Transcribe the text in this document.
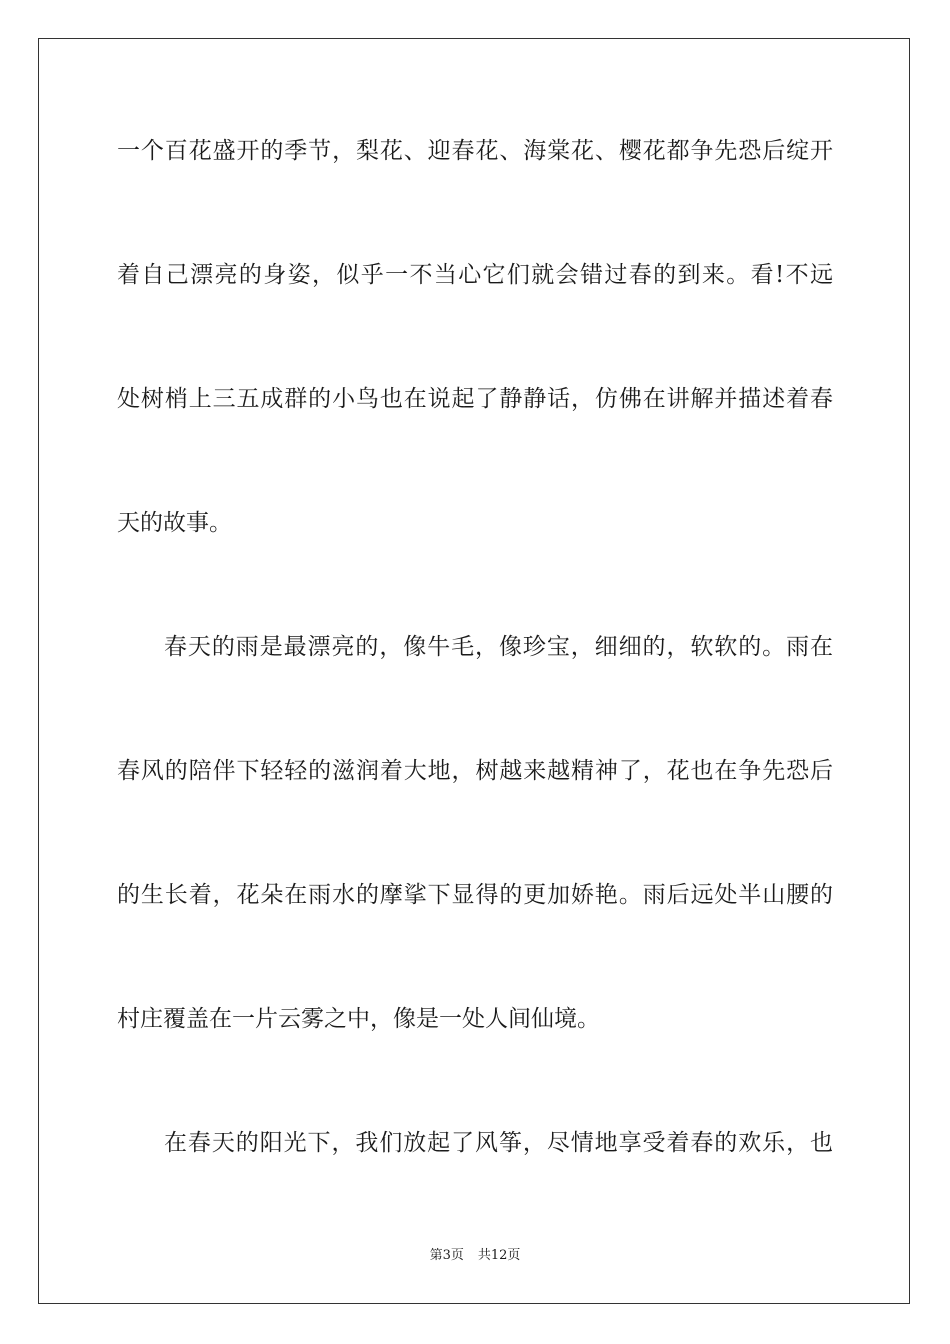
一个百花盛开的季节，梨花、迎春花、海棠花、樱花都争先恐后绽开
着自己漂亮的身姿，似乎一不当心它们就会错过春的到来。看!不远
处树梢上三五成群的小鸟也在说起了静静话，仿佛在讲解并描述着春
天的故事。
春天的雨是最漂亮的，像牛毛，像珍宝，细细的，软软的。雨在
春风的陪伴下轻轻的滋润着大地，树越来越精神了，花也在争先恐后
的生长着，花朵在雨水的摩挲下显得的更加娇艳。雨后远处半山腰的
村庄覆盖在一片云雾之中，像是一处人间仙境。
在春天的阳光下，我们放起了风筝，尽情地享受着春的欢乐，也
第3页 共12页
